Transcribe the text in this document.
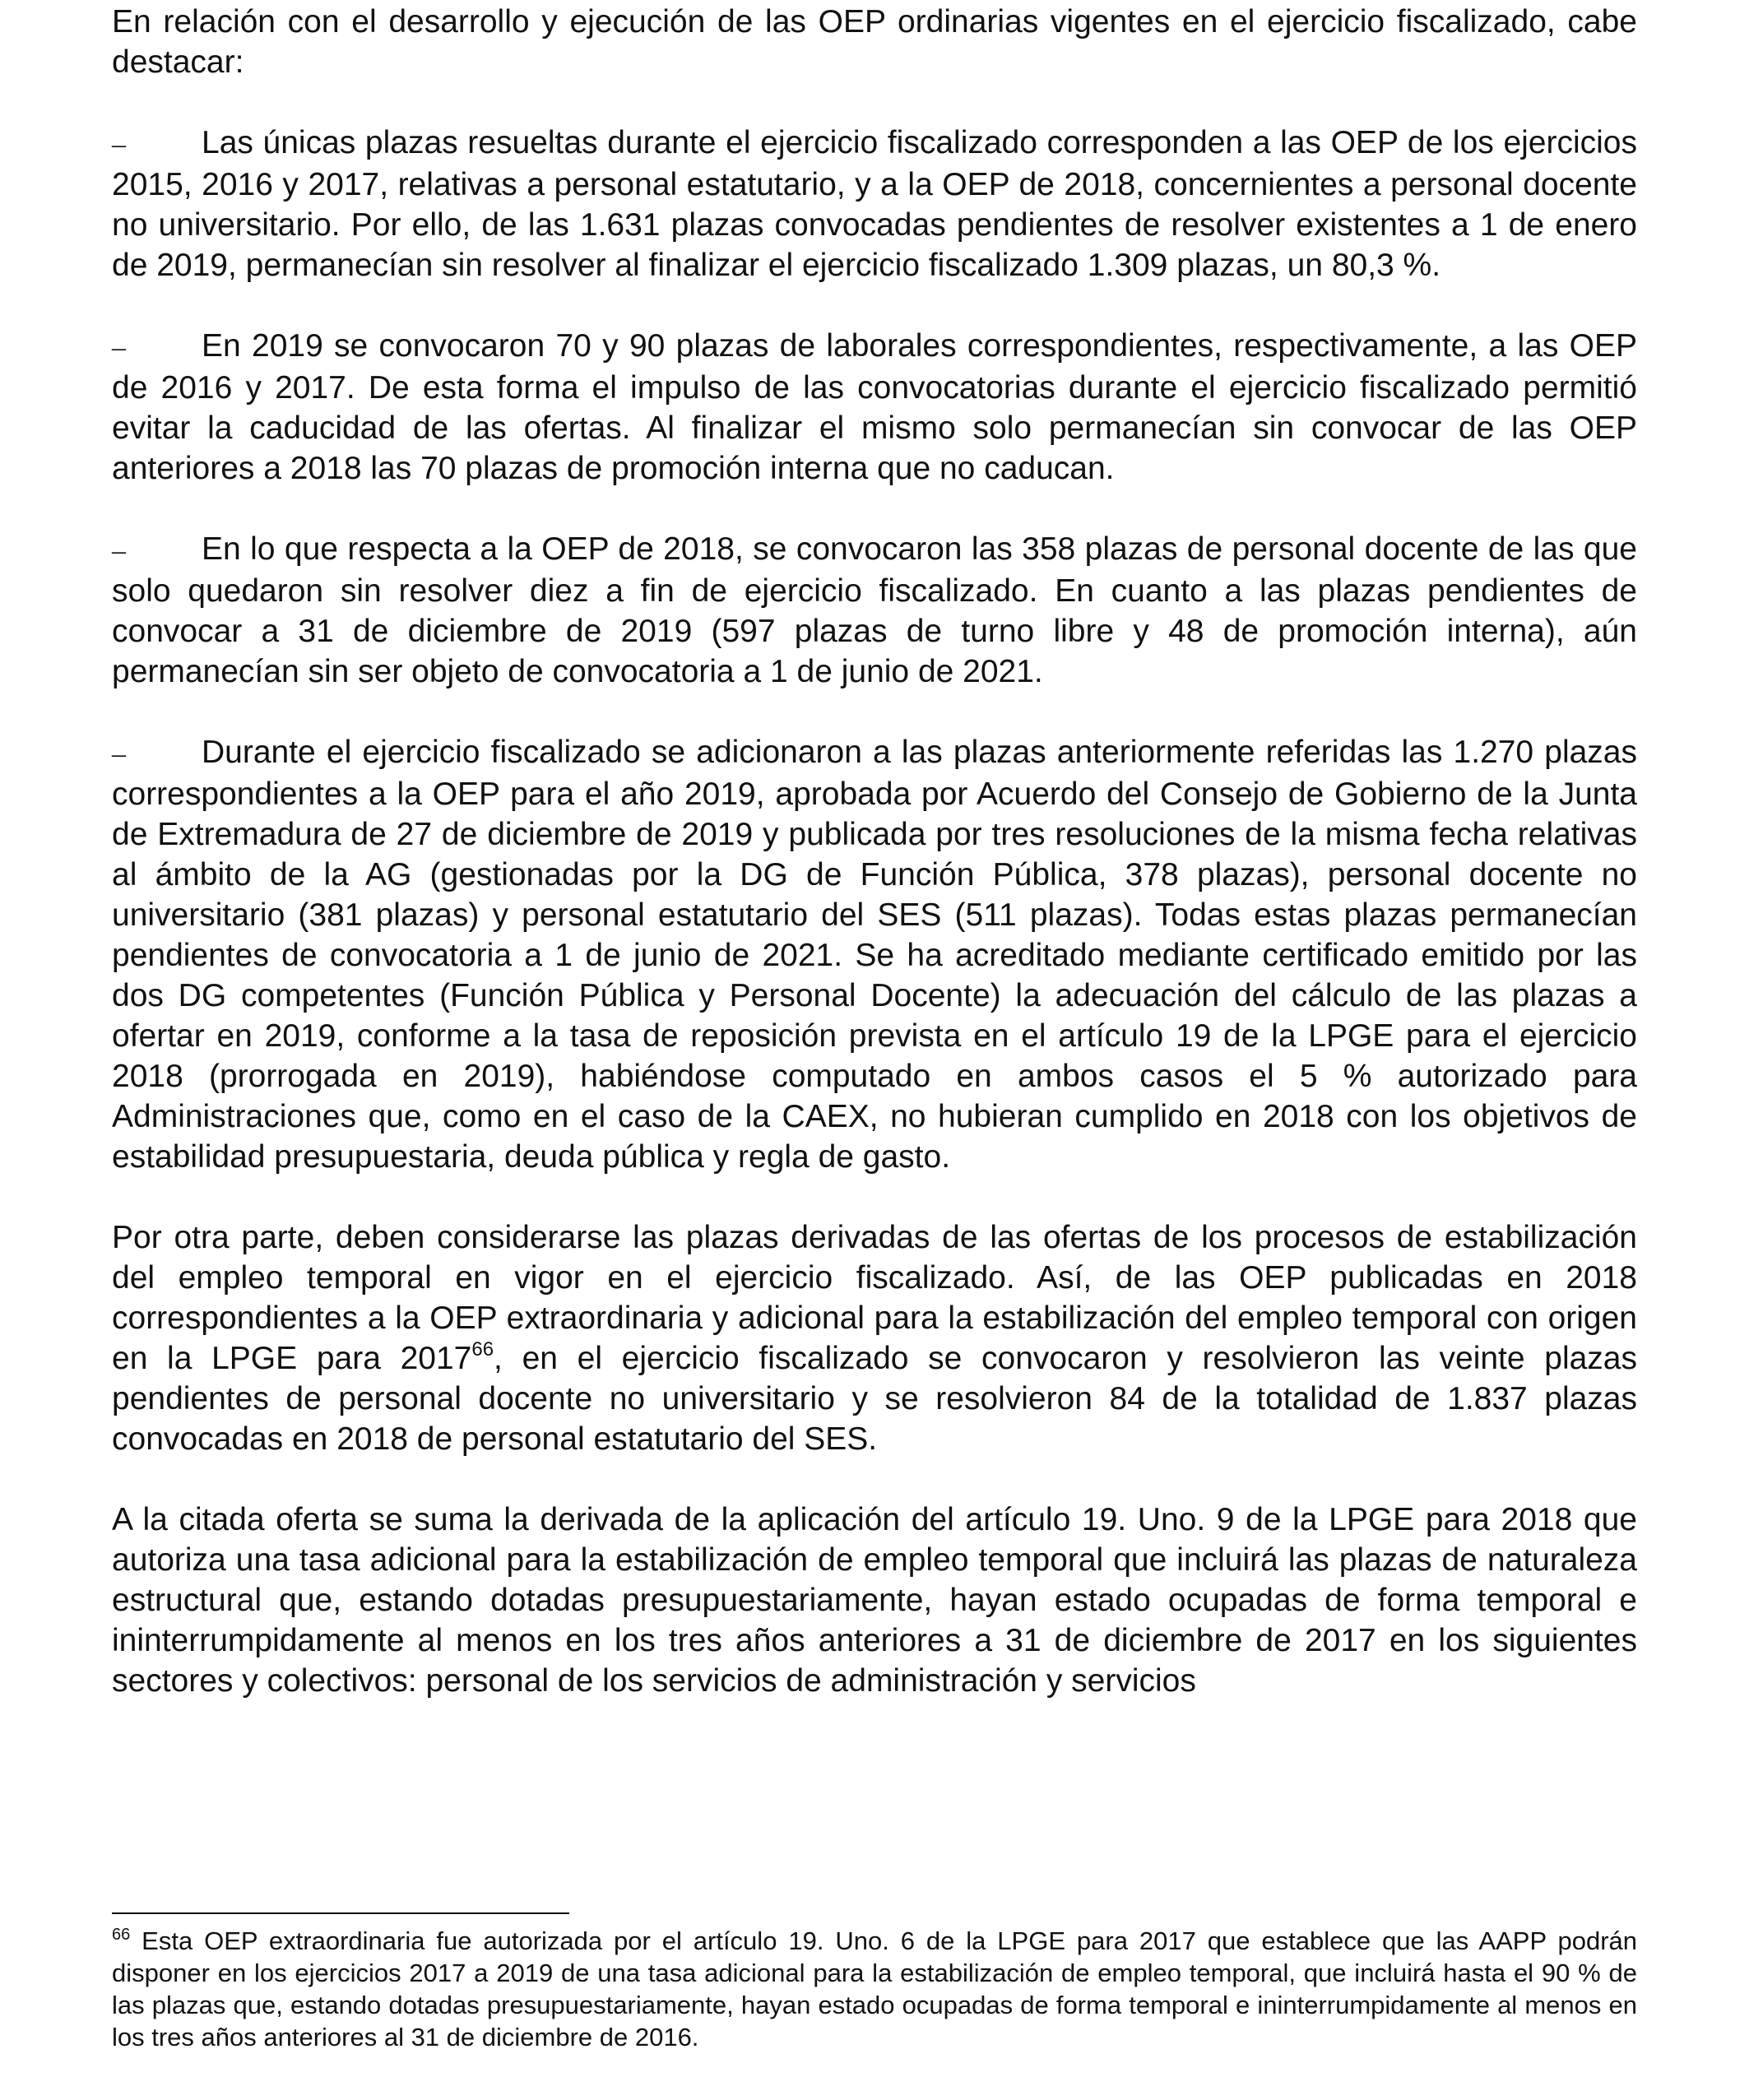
En relación con el desarrollo y ejecución de las OEP ordinarias vigentes en el ejercicio fiscalizado, cabe destacar:

– Las únicas plazas resueltas durante el ejercicio fiscalizado corresponden a las OEP de los ejercicios 2015, 2016 y 2017, relativas a personal estatutario, y a la OEP de 2018, concernientes a personal docente no universitario. Por ello, de las 1.631 plazas convocadas pendientes de resolver existentes a 1 de enero de 2019, permanecían sin resolver al finalizar el ejercicio fiscalizado 1.309 plazas, un 80,3 %.

– En 2019 se convocaron 70 y 90 plazas de laborales correspondientes, respectivamente, a las OEP de 2016 y 2017. De esta forma el impulso de las convocatorias durante el ejercicio fiscalizado permitió evitar la caducidad de las ofertas. Al finalizar el mismo solo permanecían sin convocar de las OEP anteriores a 2018 las 70 plazas de promoción interna que no caducan.

– En lo que respecta a la OEP de 2018, se convocaron las 358 plazas de personal docente de las que solo quedaron sin resolver diez a fin de ejercicio fiscalizado. En cuanto a las plazas pendientes de convocar a 31 de diciembre de 2019 (597 plazas de turno libre y 48 de promoción interna), aún permanecían sin ser objeto de convocatoria a 1 de junio de 2021.

– Durante el ejercicio fiscalizado se adicionaron a las plazas anteriormente referidas las 1.270 plazas correspondientes a la OEP para el año 2019, aprobada por Acuerdo del Consejo de Gobierno de la Junta de Extremadura de 27 de diciembre de 2019 y publicada por tres resoluciones de la misma fecha relativas al ámbito de la AG (gestionadas por la DG de Función Pública, 378 plazas), personal docente no universitario (381 plazas) y personal estatutario del SES (511 plazas). Todas estas plazas permanecían pendientes de convocatoria a 1 de junio de 2021. Se ha acreditado mediante certificado emitido por las dos DG competentes (Función Pública y Personal Docente) la adecuación del cálculo de las plazas a ofertar en 2019, conforme a la tasa de reposición prevista en el artículo 19 de la LPGE para el ejercicio 2018 (prorrogada en 2019), habiéndose computado en ambos casos el 5 % autorizado para Administraciones que, como en el caso de la CAEX, no hubieran cumplido en 2018 con los objetivos de estabilidad presupuestaria, deuda pública y regla de gasto.

Por otra parte, deben considerarse las plazas derivadas de las ofertas de los procesos de estabilización del empleo temporal en vigor en el ejercicio fiscalizado. Así, de las OEP publicadas en 2018 correspondientes a la OEP extraordinaria y adicional para la estabilización del empleo temporal con origen en la LPGE para 2017$^{66}$, en el ejercicio fiscalizado se convocaron y resolvieron las veinte plazas pendientes de personal docente no universitario y se resolvieron 84 de la totalidad de 1.837 plazas convocadas en 2018 de personal estatutario del SES.

A la citada oferta se suma la derivada de la aplicación del artículo 19. Uno. 9 de la LPGE para 2018 que autoriza una tasa adicional para la estabilización de empleo temporal que incluirá las plazas de naturaleza estructural que, estando dotadas presupuestariamente, hayan estado ocupadas de forma temporal e ininterrumpidamente al menos en los tres años anteriores a 31 de diciembre de 2017 en los siguientes sectores y colectivos: personal de los servicios de administración y servicios

$^{66}$ Esta OEP extraordinaria fue autorizada por el artículo 19. Uno. 6 de la LPGE para 2017 que establece que las AAPP podrán disponer en los ejercicios 2017 a 2019 de una tasa adicional para la estabilización de empleo temporal, que incluirá hasta el 90 % de las plazas que, estando dotadas presupuestariamente, hayan estado ocupadas de forma temporal e ininterrumpidamente al menos en los tres años anteriores al 31 de diciembre de 2016.
